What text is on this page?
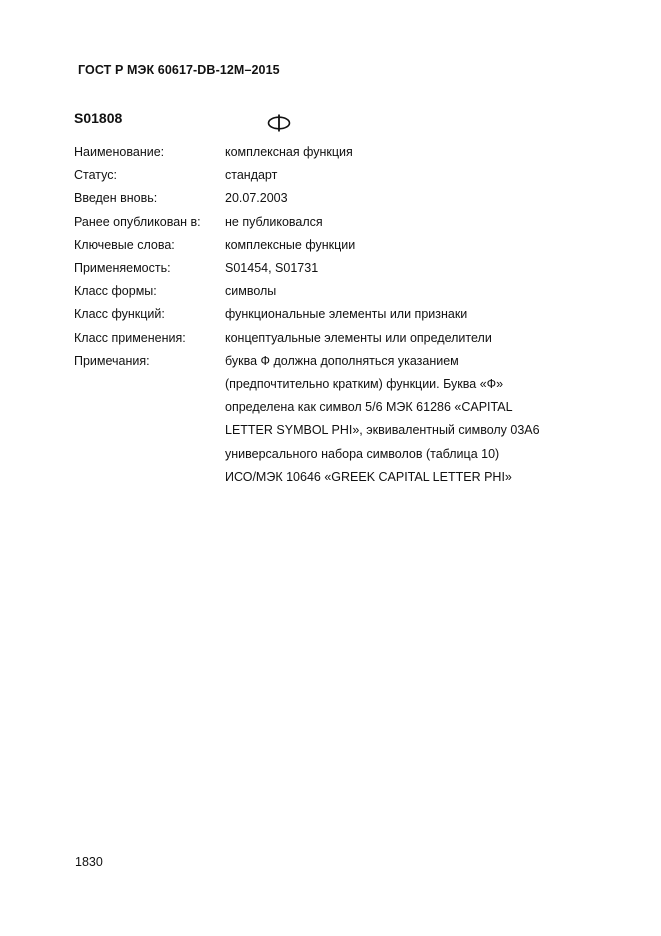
ГОСТ Р МЭК 60617-DB-12M–2015
S01808
Наименование:	комплексная функция
Статус:	стандарт
Введен вновь:	20.07.2003
Ранее опубликован в:	не публиковался
Ключевые слова:	комплексные функции
Применяемость:	S01454, S01731
Класс формы:	символы
Класс функций:	функциональные элементы или признаки
Класс применения:	концептуальные элементы или определители
Примечания:	буква Ф должна дополняться указанием
(предпочтительно кратким) функции. Буква «Ф»
определена как символ 5/6 МЭК 61286 «CAPITAL
LETTER SYMBOL PHI», эквивалентный символу 03A6
универсального набора символов (таблица 10)
ИСО/МЭК 10646 «GREEK CAPITAL LETTER PHI»
1830
